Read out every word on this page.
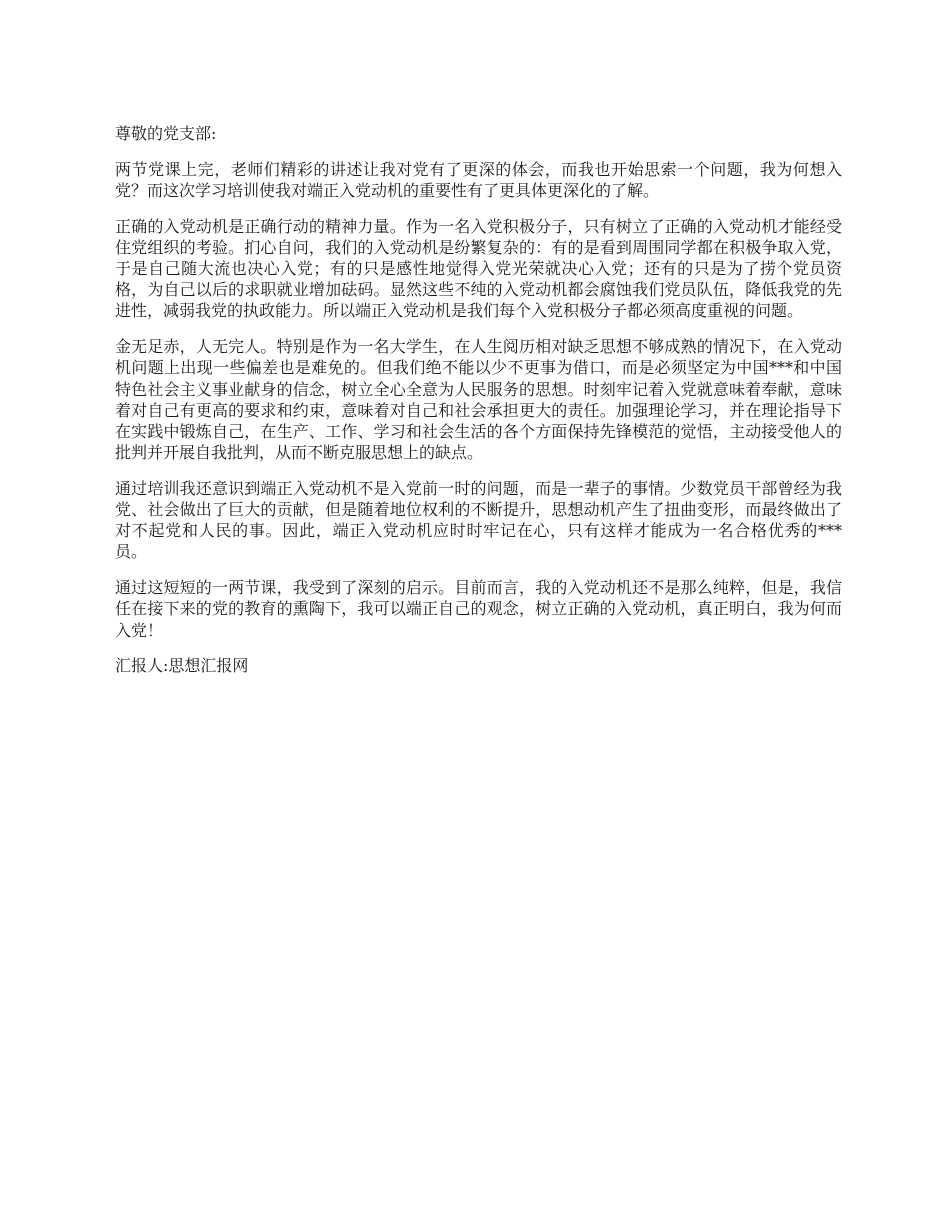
尊敬的党支部:

两节党课上完，老师们精彩的讲述让我对党有了更深的体会，而我也开始思索一个问题，我为何想入党？而这次学习培训使我对端正入党动机的重要性有了更具体更深化的了解。

正确的入党动机是正确行动的精神力量。作为一名入党积极分子，只有树立了正确的入党动机才能经受住党组织的考验。扪心自问，我们的入党动机是纷繁复杂的：有的是看到周围同学都在积极争取入党，于是自己随大流也决心入党；有的只是感性地觉得入党光荣就决心入党；还有的只是为了捞个党员资格，为自己以后的求职就业增加砝码。显然这些不纯的入党动机都会腐蚀我们党员队伍，降低我党的先进性，减弱我党的执政能力。所以端正入党动机是我们每个入党积极分子都必须高度重视的问题。

金无足赤，人无完人。特别是作为一名大学生，在人生阅历相对缺乏思想不够成熟的情况下，在入党动机问题上出现一些偏差也是难免的。但我们绝不能以少不更事为借口，而是必须坚定为中国***和中国特色社会主义事业献身的信念，树立全心全意为人民服务的思想。时刻牢记着入党就意味着奉献，意味着对自己有更高的要求和约束，意味着对自己和社会承担更大的责任。加强理论学习，并在理论指导下在实践中锻炼自己，在生产、工作、学习和社会生活的各个方面保持先锋模范的觉悟，主动接受他人的批判并开展自我批判，从而不断克服思想上的缺点。

通过培训我还意识到端正入党动机不是入党前一时的问题，而是一辈子的事情。少数党员干部曾经为我党、社会做出了巨大的贡献，但是随着地位权利的不断提升，思想动机产生了扭曲变形，而最终做出了对不起党和人民的事。因此，端正入党动机应时时牢记在心，只有这样才能成为一名合格优秀的***员。

通过这短短的一两节课，我受到了深刻的启示。目前而言，我的入党动机还不是那么纯粹，但是，我信任在接下来的党的教育的熏陶下，我可以端正自己的观念，树立正确的入党动机，真正明白，我为何而入党！

汇报人:思想汇报网
